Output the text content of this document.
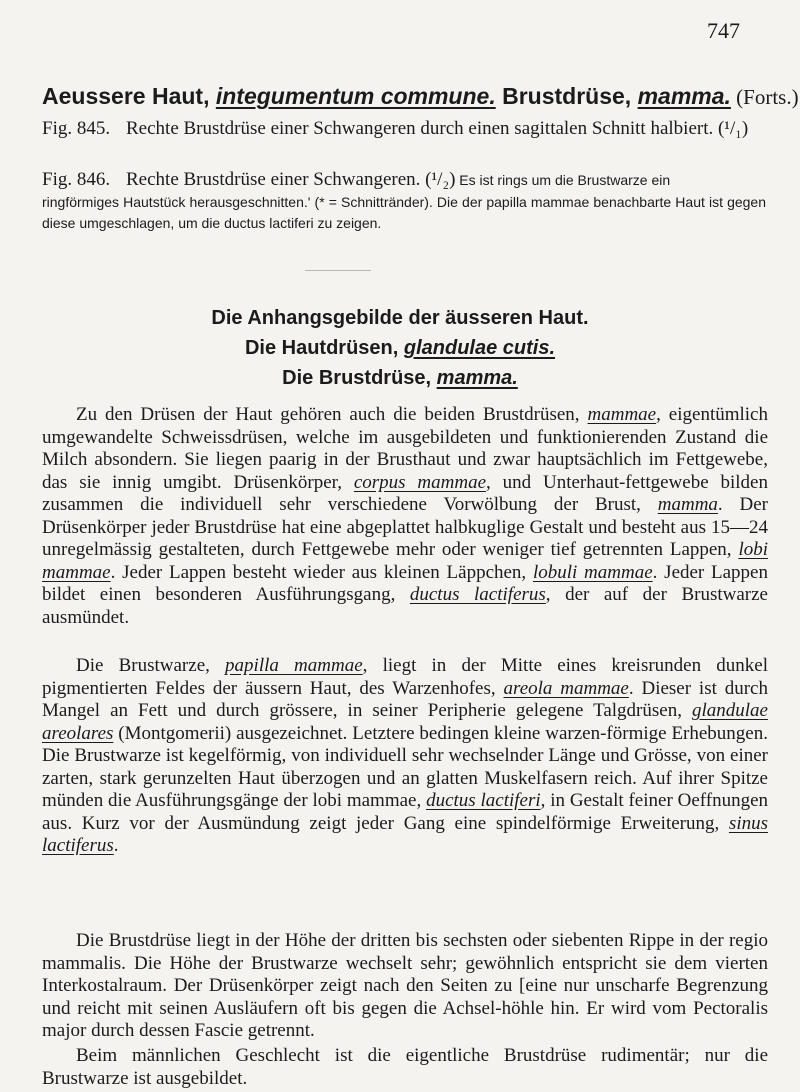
747
Aeussere Haut, integumentum commune. Brustdrüse, mamma. (Forts.)
Fig. 845. Rechte Brustdrüse einer Schwangeren durch einen sagittalen Schnitt halbiert. (¹/₁)
Fig. 846. Rechte Brustdrüse einer Schwangeren. (¹/₂) Es ist rings um die Brustwarze ein
ringförmiges Hautstück herausgeschnitten.' (* = Schnittränder). Die der papilla mammae benachbarte Haut ist gegen diese umgeschlagen, um die ductus lactiferi zu zeigen.
Die Anhangsgebilde der äusseren Haut.
Die Hautdrüsen, glandulae cutis.
Die Brustdrüse, mamma.
Zu den Drüsen der Haut gehören auch die beiden Brustdrüsen, mammae, eigentümlich umgewandelte Schweissdrüsen, welche im ausgebildeten und funktionierenden Zustand die Milch absondern. Sie liegen paarig in der Brusthaut und zwar hauptsächlich im Fettgewebe, das sie innig umgibt. Drüsenkörper, corpus mammae, und Unterhaut-fettgewebe bilden zusammen die individuell sehr verschiedene Vorwölbung der Brust, mamma. Der Drüsenkörper jeder Brustdrüse hat eine abgeplattet halbkuglige Gestalt und besteht aus 15—24 unregelmässig gestalteten, durch Fettgewebe mehr oder weniger tief getrennten Lappen, lobi mammae. Jeder Lappen besteht wieder aus kleinen Läppchen, lobuli mammae. Jeder Lappen bildet einen besonderen Ausführungsgang, ductus lactiferus, der auf der Brustwarze ausmündet.
Die Brustwarze, papilla mammae, liegt in der Mitte eines kreisrunden dunkel pigmentierten Feldes der äussern Haut, des Warzenhofes, areola mammae. Dieser ist durch Mangel an Fett und durch grössere, in seiner Peripherie gelegene Talgdrüsen, glandulae areolares (Montgomerii) ausgezeichnet. Letztere bedingen kleine warzen-förmige Erhebungen. Die Brustwarze ist kegelförmig, von individuell sehr wechselnder Länge und Grösse, von einer zarten, stark gerunzelten Haut überzogen und an glatten Muskelfasern reich. Auf ihrer Spitze münden die Ausführungsgänge der lobi mammae, ductus lactiferi, in Gestalt feiner Oeffnungen aus. Kurz vor der Ausmündung zeigt jeder Gang eine spindelförmige Erweiterung, sinus lactiferus.
Die Brustdrüse liegt in der Höhe der dritten bis sechsten oder siebenten Rippe in der regio mammalis. Die Höhe der Brustwarze wechselt sehr; gewöhnlich entspricht sie dem vierten Interkostalraum. Der Drüsenkörper zeigt nach den Seiten zu [eine nur unscharfe Begrenzung und reicht mit seinen Ausläufern oft bis gegen die Achsel-höhle hin. Er wird vom Pectoralis major durch dessen Fascie getrennt.
Beim männlichen Geschlecht ist die eigentliche Brustdrüse rudimentär; nur die Brustwarze ist ausgebildet.
